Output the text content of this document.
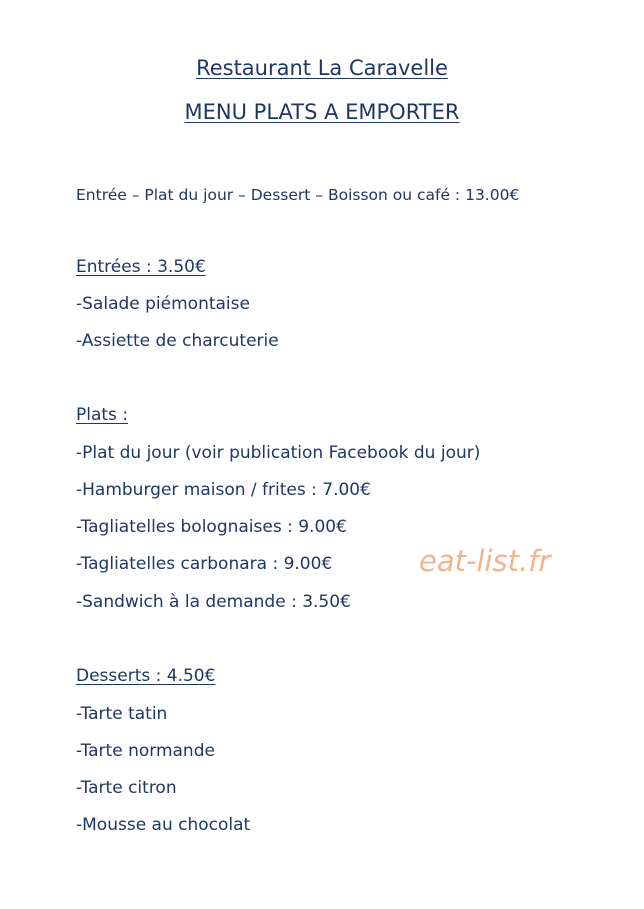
Restaurant La Caravelle
MENU PLATS A EMPORTER
Entrée – Plat du jour – Dessert – Boisson ou café : 13.00€
Entrées : 3.50€
-Salade piémontaise
-Assiette de charcuterie
Plats :
-Plat du jour (voir publication Facebook du jour)
-Hamburger maison / frites : 7.00€
-Tagliatelles bolognaises : 9.00€
-Tagliatelles carbonara : 9.00€
-Sandwich à la demande : 3.50€
Desserts : 4.50€
-Tarte tatin
-Tarte normande
-Tarte citron
-Mousse au chocolat
eat-list.fr
